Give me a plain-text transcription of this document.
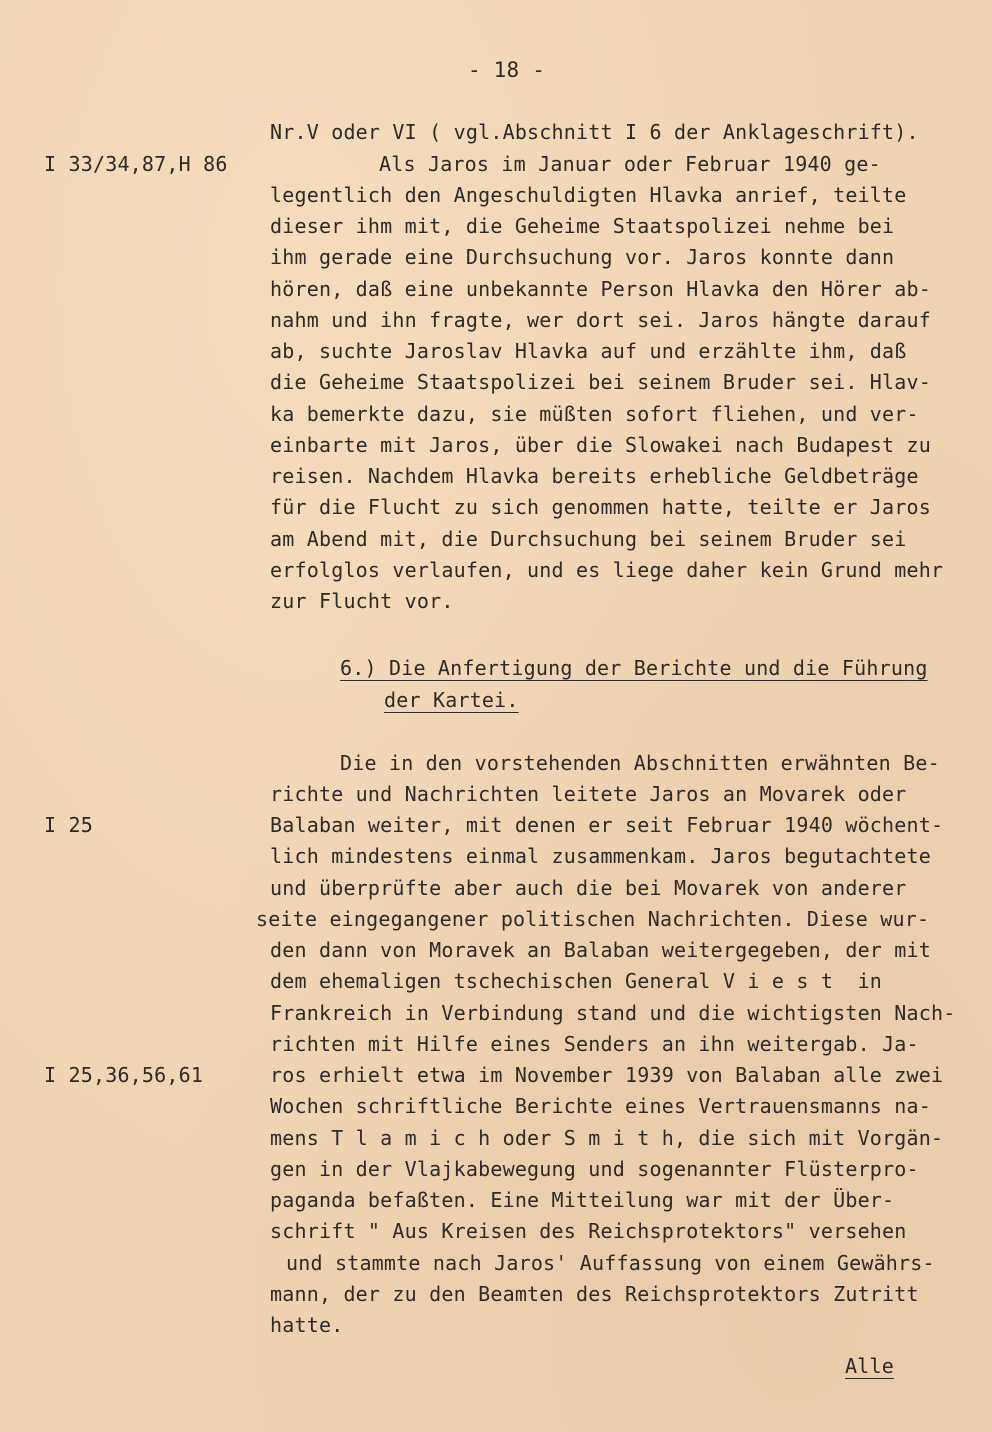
- 18 -
I 33/34,87,H 86
I 25
I 25,36,56,61
Nr.V oder VI ( vgl.Abschnitt I 6 der Anklageschrift).
Als Jaros im Januar oder Februar 1940 ge-
legentlich den Angeschuldigten Hlavka anrief, teilte
dieser ihm mit, die Geheime Staatspolizei nehme bei
ihm gerade eine Durchsuchung vor. Jaros konnte dann
hören, daß eine unbekannte Person Hlavka den Hörer ab-
nahm und ihn fragte, wer dort sei. Jaros hängte darauf
ab, suchte Jaroslav Hlavka auf und erzählte ihm, daß
die Geheime Staatspolizei bei seinem Bruder sei. Hlav-
ka bemerkte dazu, sie müßten sofort fliehen, und ver-
einbarte mit Jaros, über die Slowakei nach Budapest zu
reisen. Nachdem Hlavka bereits erhebliche Geldbeträge
für die Flucht zu sich genommen hatte, teilte er Jaros
am Abend mit, die Durchsuchung bei seinem Bruder sei
erfolglos verlaufen, und es liege daher kein Grund mehr
zur Flucht vor.
6.) Die Anfertigung der Berichte und die Führung
der Kartei.
Die in den vorstehenden Abschnitten erwähnten Be-
richte und Nachrichten leitete Jaros an Movarek oder
Balaban weiter, mit denen er seit Februar 1940 wöchent-
lich mindestens einmal zusammenkam. Jaros begutachtete
und überprüfte aber auch die bei Movarek von anderer
seite eingegangener politischen Nachrichten. Diese wur-
den dann von Moravek an Balaban weitergegeben, der mit
dem ehemaligen tschechischen General V i e s t  in
Frankreich in Verbindung stand und die wichtigsten Nach-
richten mit Hilfe eines Senders an ihn weitergab. Ja-
ros erhielt etwa im November 1939 von Balaban alle zwei
Wochen schriftliche Berichte eines Vertrauensmanns na-
mens T l a m i c h oder S m i t h, die sich mit Vorgän-
gen in der Vlajkabewegung und sogenannter Flüsterpro-
paganda befaßten. Eine Mitteilung war mit der Über-
schrift " Aus Kreisen des Reichsprotektors" versehen
und stammte nach Jaros' Auffassung von einem Gewährs-
mann, der zu den Beamten des Reichsprotektors Zutritt
hatte.
Alle
